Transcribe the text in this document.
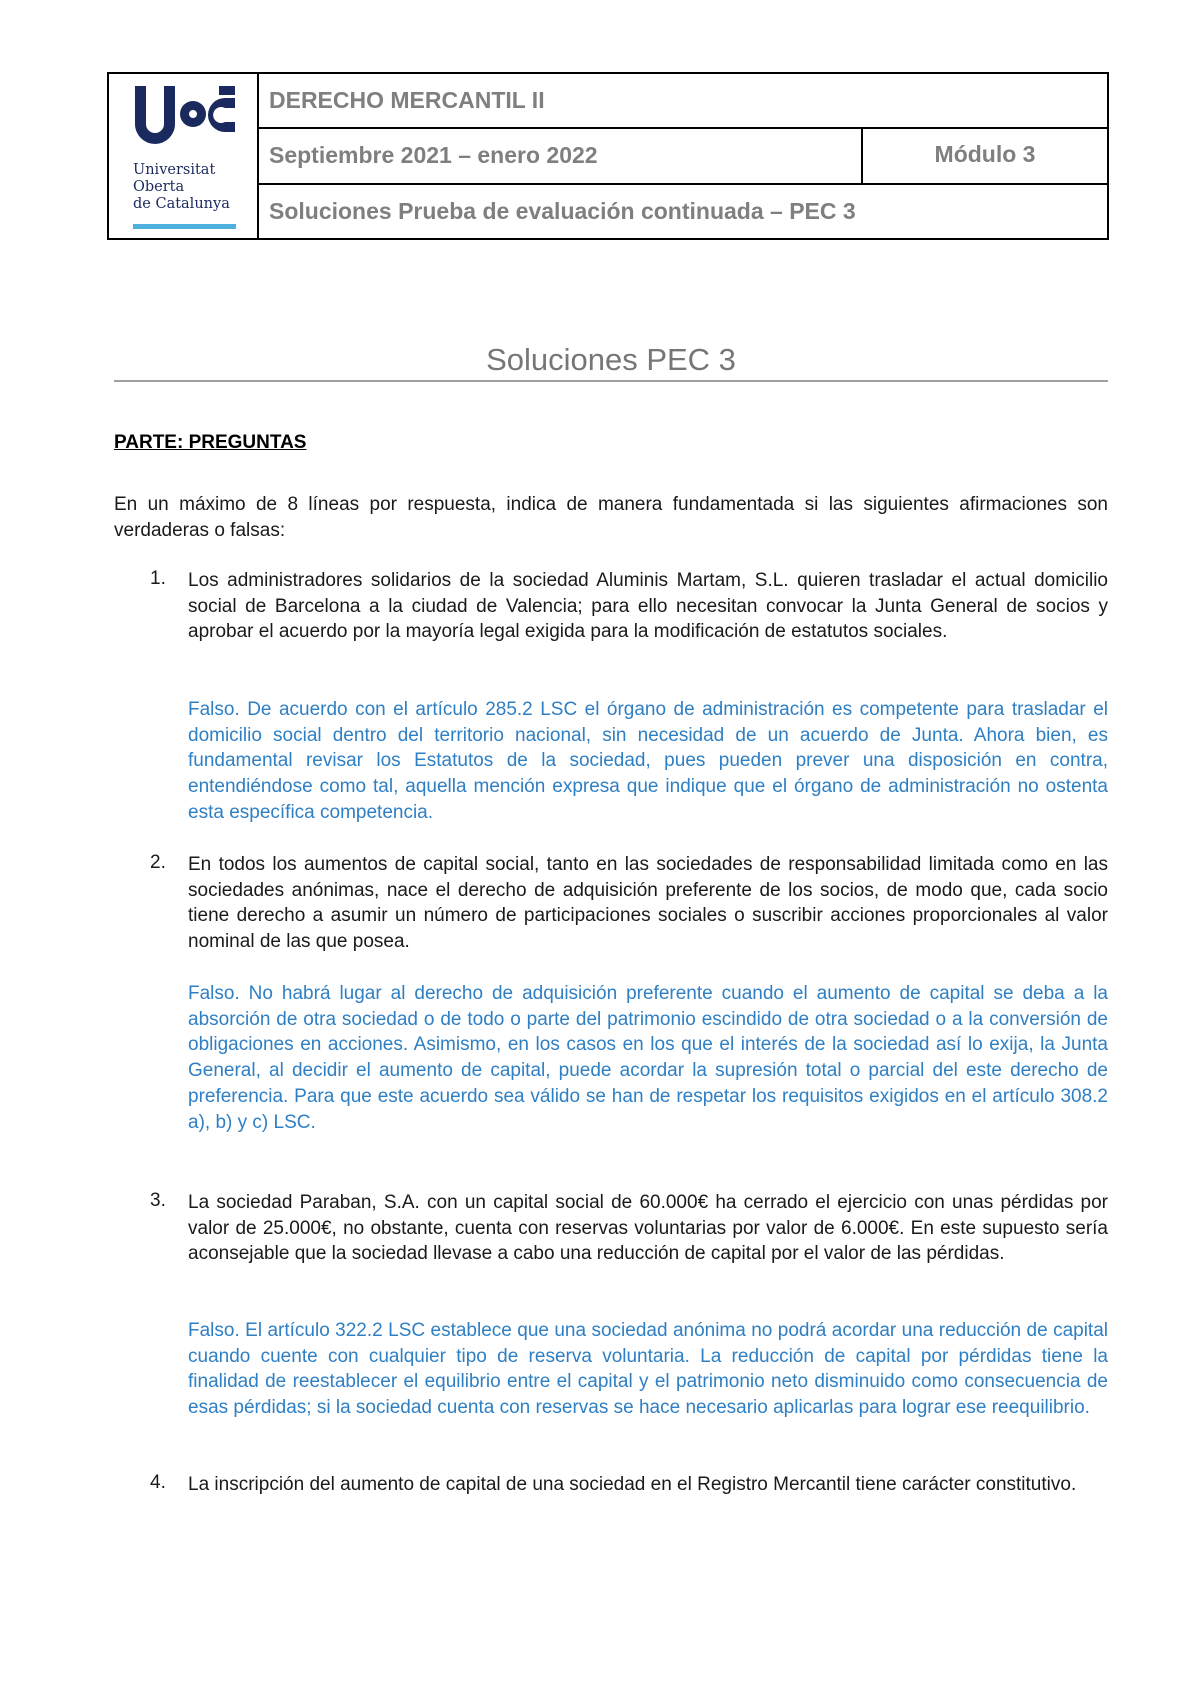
Universitat
Oberta
de Catalunya
DERECHO MERCANTIL II
Septiembre 2021 – enero 2022	Módulo 3
Soluciones Prueba de evaluación continuada – PEC 3
Soluciones PEC 3
PARTE: PREGUNTAS
En un máximo de 8 líneas por respuesta, indica de manera fundamentada si las siguientes afirmaciones son verdaderas o falsas:
1. Los administradores solidarios de la sociedad Aluminis Martam, S.L. quieren trasladar el actual domicilio social de Barcelona a la ciudad de Valencia; para ello necesitan convocar la Junta General de socios y aprobar el acuerdo por la mayoría legal exigida para la modificación de estatutos sociales.
Falso. De acuerdo con el artículo 285.2 LSC el órgano de administración es competente para trasladar el domicilio social dentro del territorio nacional, sin necesidad de un acuerdo de Junta. Ahora bien, es fundamental revisar los Estatutos de la sociedad, pues pueden prever una disposición en contra, entendiéndose como tal, aquella mención expresa que indique que el órgano de administración no ostenta esta específica competencia.
2. En todos los aumentos de capital social, tanto en las sociedades de responsabilidad limitada como en las sociedades anónimas, nace el derecho de adquisición preferente de los socios, de modo que, cada socio tiene derecho a asumir un número de participaciones sociales o suscribir acciones proporcionales al valor nominal de las que posea.
Falso. No habrá lugar al derecho de adquisición preferente cuando el aumento de capital se deba a la absorción de otra sociedad o de todo o parte del patrimonio escindido de otra sociedad o a la conversión de obligaciones en acciones. Asimismo, en los casos en los que el interés de la sociedad así lo exija, la Junta General, al decidir el aumento de capital, puede acordar la supresión total o parcial del este derecho de preferencia. Para que este acuerdo sea válido se han de respetar los requisitos exigidos en el artículo 308.2 a), b) y c) LSC.
3. La sociedad Paraban, S.A. con un capital social de 60.000€ ha cerrado el ejercicio con unas pérdidas por valor de 25.000€, no obstante, cuenta con reservas voluntarias por valor de 6.000€. En este supuesto sería aconsejable que la sociedad llevase a cabo una reducción de capital por el valor de las pérdidas.
Falso. El artículo 322.2 LSC establece que una sociedad anónima no podrá acordar una reducción de capital cuando cuente con cualquier tipo de reserva voluntaria. La reducción de capital por pérdidas tiene la finalidad de reestablecer el equilibrio entre el capital y el patrimonio neto disminuido como consecuencia de esas pérdidas; si la sociedad cuenta con reservas se hace necesario aplicarlas para lograr ese reequilibrio.
4. La inscripción del aumento de capital de una sociedad en el Registro Mercantil tiene carácter constitutivo.
